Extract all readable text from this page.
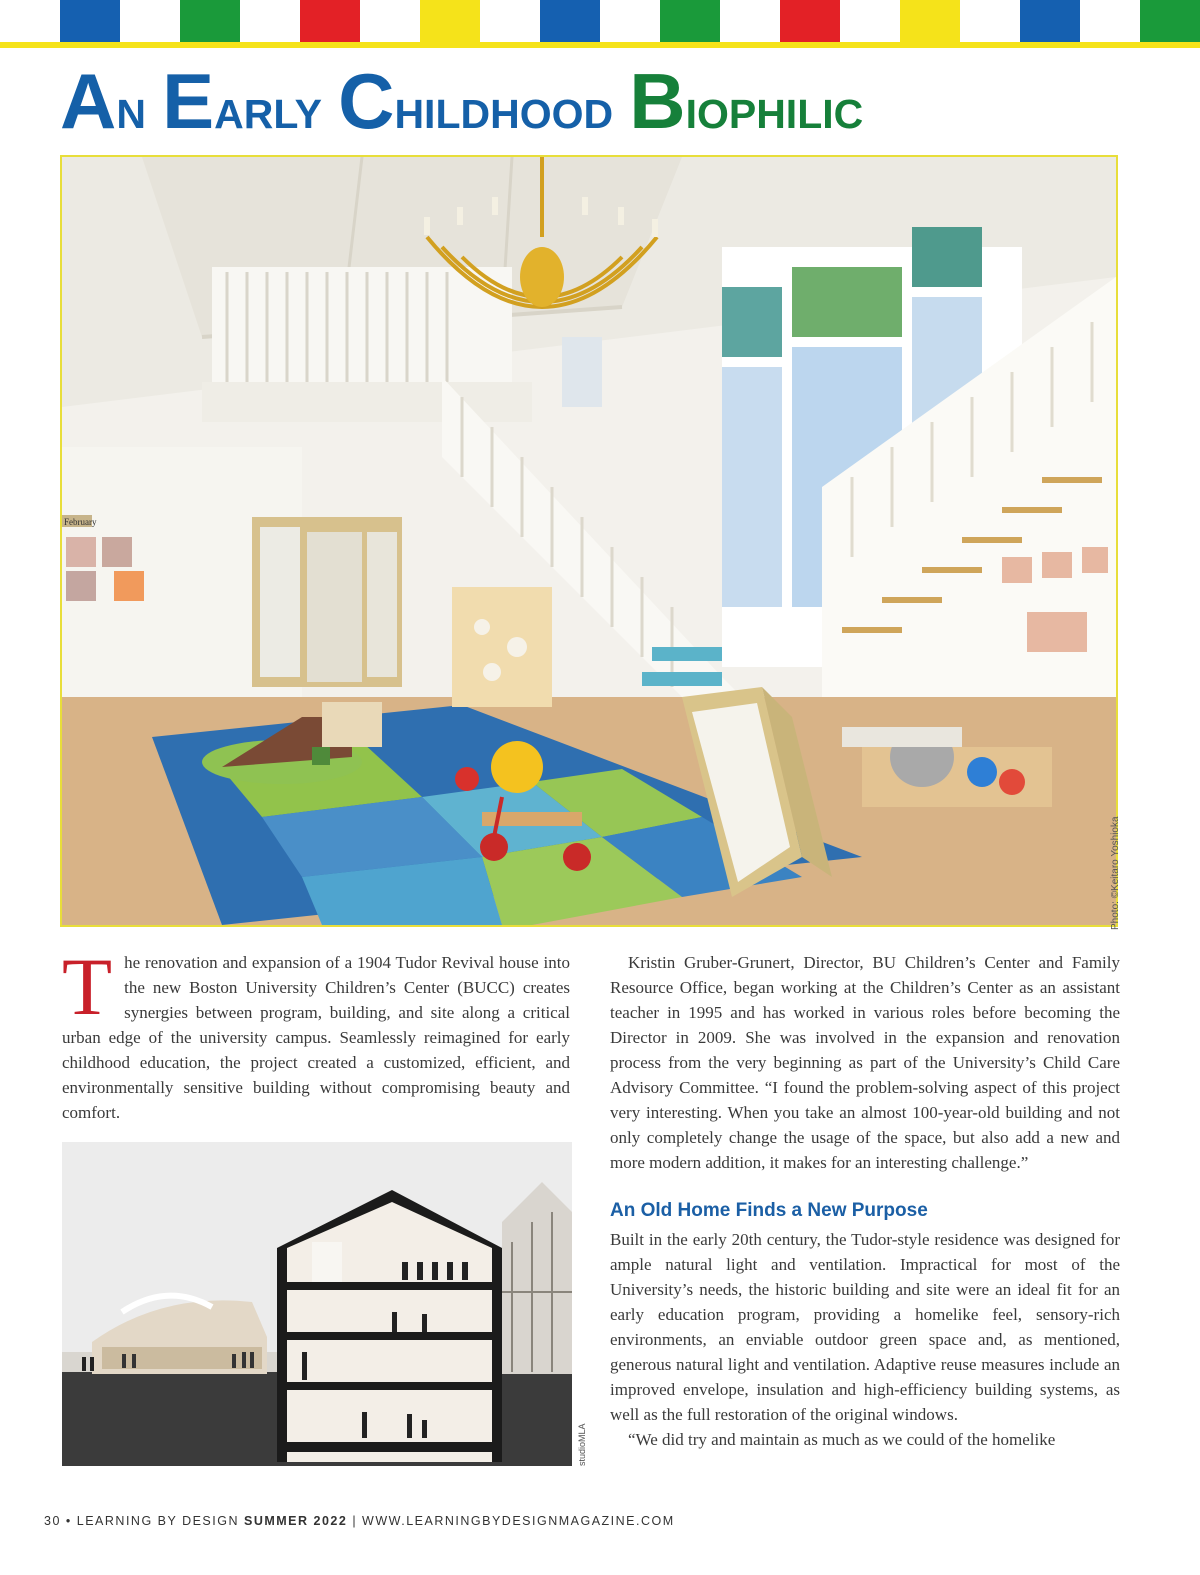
An Early Childhood Biophilic
February
Photo: ©Keitaro Yoshioka

The renovation and expansion of a 1904 Tudor Revival house into the new Boston University Children’s Center (BUCC) creates synergies between program, building, and site along a critical urban edge of the university campus. Seamlessly reimagined for early childhood education, the project created a customized, efficient, and environmentally sensitive building without compromising beauty and comfort.

studioMLA

Kristin Gruber-Grunert, Director, BU Children’s Center and Family Resource Office, began working at the Children’s Center as an assistant teacher in 1995 and has worked in various roles before becoming the Director in 2009. She was involved in the expansion and renovation process from the very beginning as part of the University’s Child Care Advisory Committee. “I found the problem-solving aspect of this project very interesting. When you take an almost 100-year-old building and not only completely change the usage of the space, but also add a new and more modern addition, it makes for an interesting challenge.”

An Old Home Finds a New Purpose

Built in the early 20th century, the Tudor-style residence was designed for ample natural light and ventilation. Impractical for most of the University’s needs, the historic building and site were an ideal fit for an early education program, providing a homelike feel, sensory-rich environments, an enviable outdoor green space and, as mentioned, generous natural light and ventilation. Adaptive reuse measures include an improved envelope, insulation and high-efficiency building systems, as well as the full restoration of the original windows.

“We did try and maintain as much as we could of the homelike

30 • LEARNING BY DESIGN SUMMER 2022 | WWW.LEARNINGBYDESIGNMAGAZINE.COM
